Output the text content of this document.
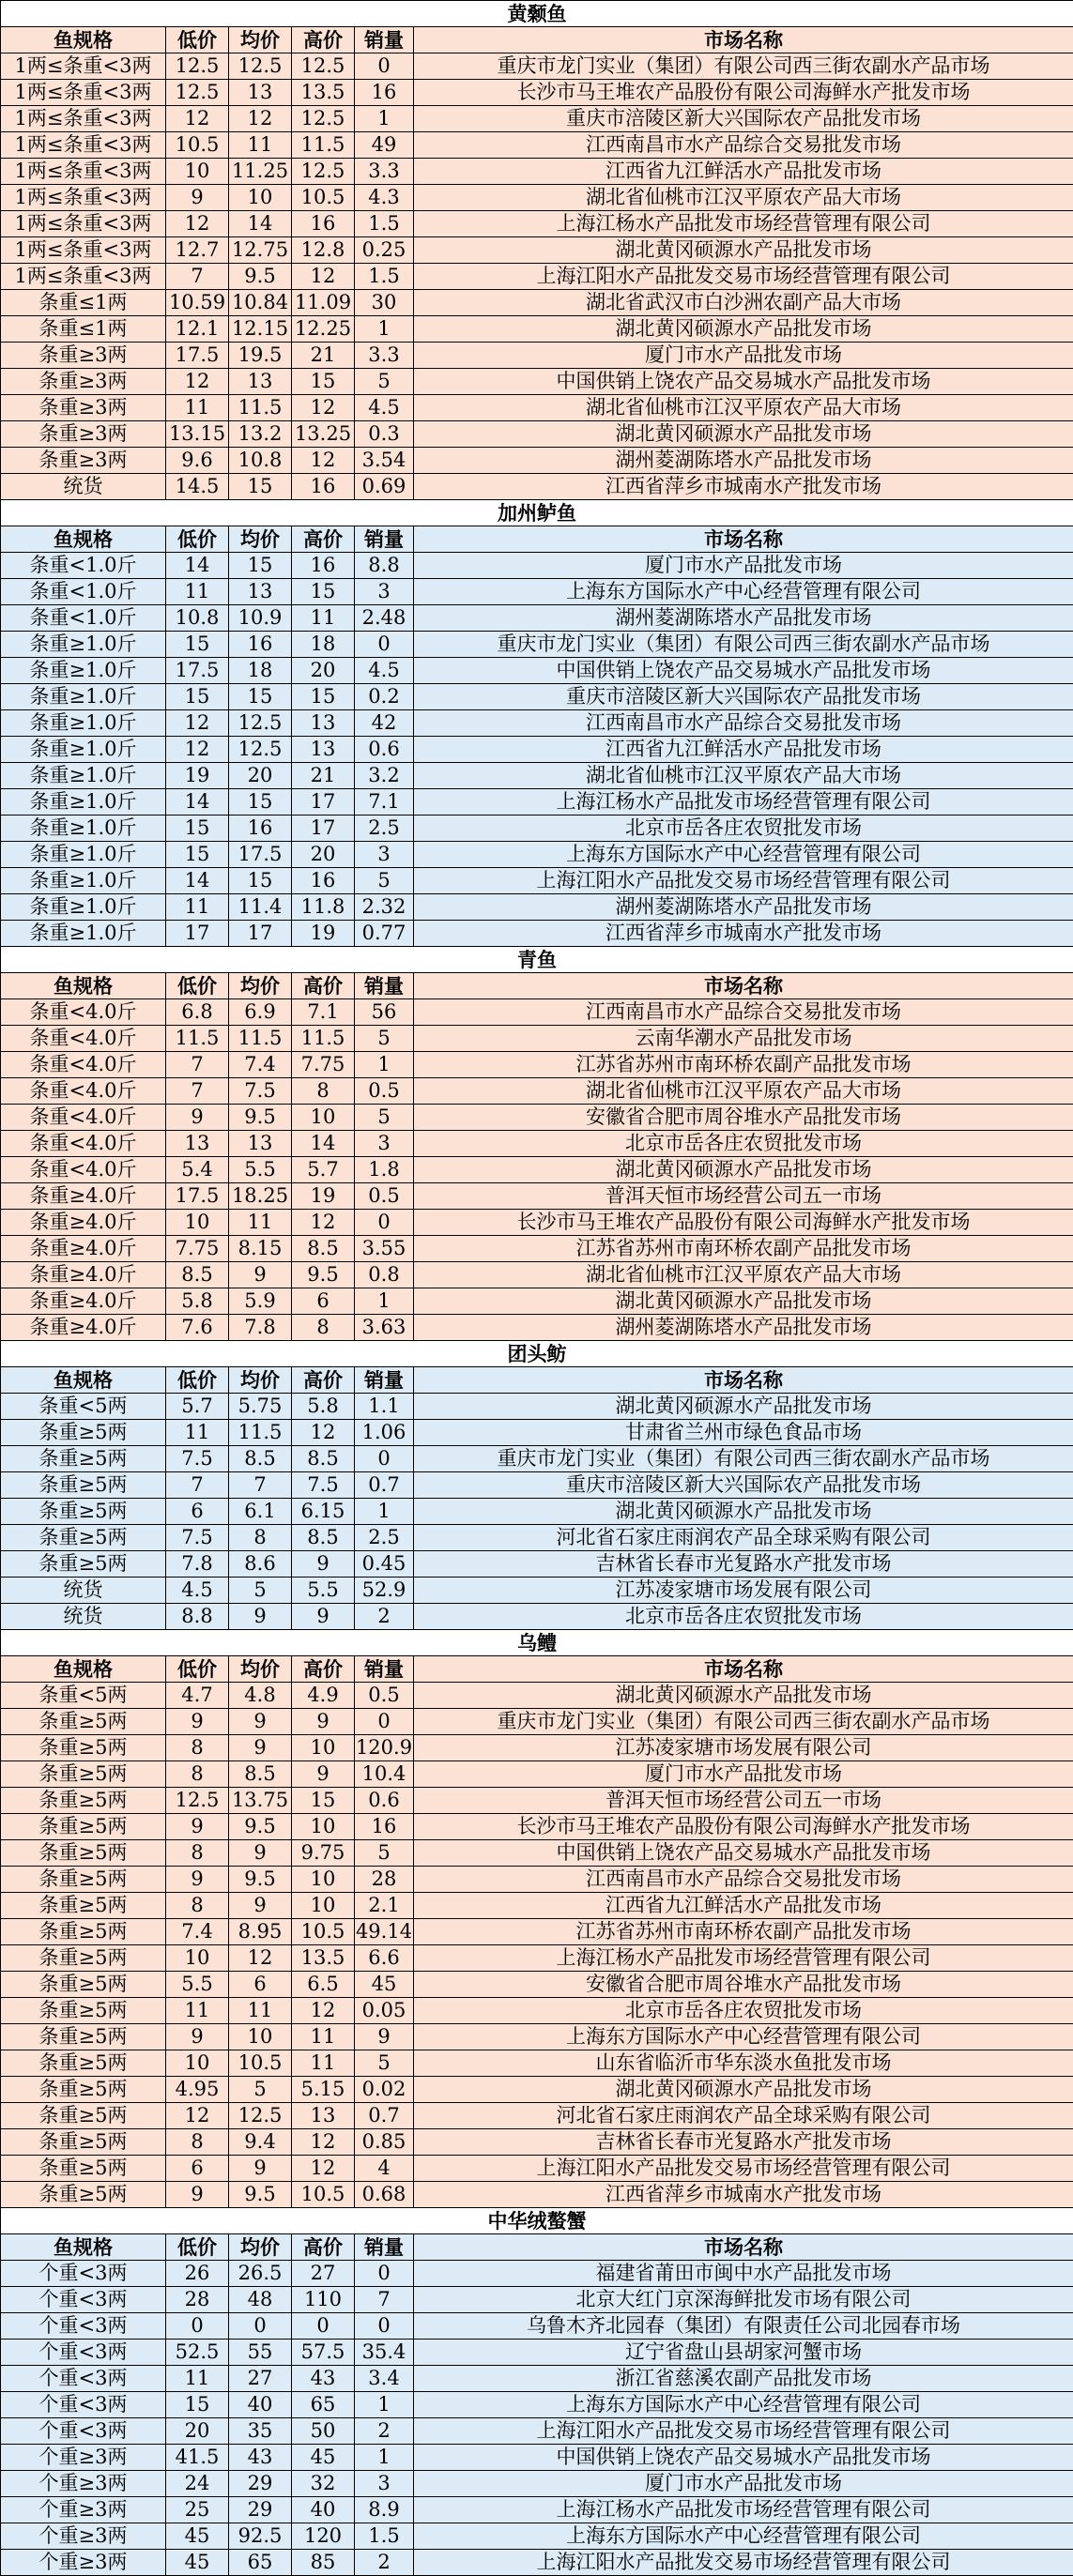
黄颡鱼					
鱼规格	低价	均价	高价	销量	市场名称
1两≤条重<3两	12.5	12.5	12.5	0	重庆市龙门实业（集团）有限公司西三街农副水产品市场
1两≤条重<3两	12.5	13	13.5	16	长沙市马王堆农产品股份有限公司海鲜水产批发市场
1两≤条重<3两	12	12	12.5	1	重庆市涪陵区新大兴国际农产品批发市场
1两≤条重<3两	10.5	11	11.5	49	江西南昌市水产品综合交易批发市场
1两≤条重<3两	10	11.25	12.5	3.3	江西省九江鲜活水产品批发市场
1两≤条重<3两	9	10	10.5	4.3	湖北省仙桃市江汉平原农产品大市场
1两≤条重<3两	12	14	16	1.5	上海江杨水产品批发市场经营管理有限公司
1两≤条重<3两	12.7	12.75	12.8	0.25	湖北黄冈硕源水产品批发市场
1两≤条重<3两	7	9.5	12	1.5	上海江阳水产品批发交易市场经营管理有限公司
条重≤1两	10.59	10.84	11.09	30	湖北省武汉市白沙洲农副产品大市场
条重≤1两	12.1	12.15	12.25	1	湖北黄冈硕源水产品批发市场
条重≥3两	17.5	19.5	21	3.3	厦门市水产品批发市场
条重≥3两	12	13	15	5	中国供销上饶农产品交易城水产品批发市场
条重≥3两	11	11.5	12	4.5	湖北省仙桃市江汉平原农产品大市场
条重≥3两	13.15	13.2	13.25	0.3	湖北黄冈硕源水产品批发市场
条重≥3两	9.6	10.8	12	3.54	湖州菱湖陈塔水产品批发市场
统货	14.5	15	16	0.69	江西省萍乡市城南水产批发市场
加州鲈鱼					
鱼规格	低价	均价	高价	销量	市场名称
条重<1.0斤	14	15	16	8.8	厦门市水产品批发市场
条重<1.0斤	11	13	15	3	上海东方国际水产中心经营管理有限公司
条重<1.0斤	10.8	10.9	11	2.48	湖州菱湖陈塔水产品批发市场
条重≥1.0斤	15	16	18	0	重庆市龙门实业（集团）有限公司西三街农副水产品市场
条重≥1.0斤	17.5	18	20	4.5	中国供销上饶农产品交易城水产品批发市场
条重≥1.0斤	15	15	15	0.2	重庆市涪陵区新大兴国际农产品批发市场
条重≥1.0斤	12	12.5	13	42	江西南昌市水产品综合交易批发市场
条重≥1.0斤	12	12.5	13	0.6	江西省九江鲜活水产品批发市场
条重≥1.0斤	19	20	21	3.2	湖北省仙桃市江汉平原农产品大市场
条重≥1.0斤	14	15	17	7.1	上海江杨水产品批发市场经营管理有限公司
条重≥1.0斤	15	16	17	2.5	北京市岳各庄农贸批发市场
条重≥1.0斤	15	17.5	20	3	上海东方国际水产中心经营管理有限公司
条重≥1.0斤	14	15	16	5	上海江阳水产品批发交易市场经营管理有限公司
条重≥1.0斤	11	11.4	11.8	2.32	湖州菱湖陈塔水产品批发市场
条重≥1.0斤	17	17	19	0.77	江西省萍乡市城南水产批发市场
青鱼					
鱼规格	低价	均价	高价	销量	市场名称
条重<4.0斤	6.8	6.9	7.1	56	江西南昌市水产品综合交易批发市场
条重<4.0斤	11.5	11.5	11.5	5	云南华潮水产品批发市场
条重<4.0斤	7	7.4	7.75	1	江苏省苏州市南环桥农副产品批发市场
条重<4.0斤	7	7.5	8	0.5	湖北省仙桃市江汉平原农产品大市场
条重<4.0斤	9	9.5	10	5	安徽省合肥市周谷堆水产品批发市场
条重<4.0斤	13	13	14	3	北京市岳各庄农贸批发市场
条重<4.0斤	5.4	5.5	5.7	1.8	湖北黄冈硕源水产品批发市场
条重≥4.0斤	17.5	18.25	19	0.5	普洱天恒市场经营公司五一市场
条重≥4.0斤	10	11	12	0	长沙市马王堆农产品股份有限公司海鲜水产批发市场
条重≥4.0斤	7.75	8.15	8.5	3.55	江苏省苏州市南环桥农副产品批发市场
条重≥4.0斤	8.5	9	9.5	0.8	湖北省仙桃市江汉平原农产品大市场
条重≥4.0斤	5.8	5.9	6	1	湖北黄冈硕源水产品批发市场
条重≥4.0斤	7.6	7.8	8	3.63	湖州菱湖陈塔水产品批发市场
团头鲂					
鱼规格	低价	均价	高价	销量	市场名称
条重<5两	5.7	5.75	5.8	1.1	湖北黄冈硕源水产品批发市场
条重≥5两	11	11.5	12	1.06	甘肃省兰州市绿色食品市场
条重≥5两	7.5	8.5	8.5	0	重庆市龙门实业（集团）有限公司西三街农副水产品市场
条重≥5两	7	7	7.5	0.7	重庆市涪陵区新大兴国际农产品批发市场
条重≥5两	6	6.1	6.15	1	湖北黄冈硕源水产品批发市场
条重≥5两	7.5	8	8.5	2.5	河北省石家庄雨润农产品全球采购有限公司
条重≥5两	7.8	8.6	9	0.45	吉林省长春市光复路水产批发市场
统货	4.5	5	5.5	52.9	江苏凌家塘市场发展有限公司
统货	8.8	9	9	2	北京市岳各庄农贸批发市场
乌鳢					
鱼规格	低价	均价	高价	销量	市场名称
条重<5两	4.7	4.8	4.9	0.5	湖北黄冈硕源水产品批发市场
条重≥5两	9	9	9	0	重庆市龙门实业（集团）有限公司西三街农副水产品市场
条重≥5两	8	9	10	120.9	江苏凌家塘市场发展有限公司
条重≥5两	8	8.5	9	10.4	厦门市水产品批发市场
条重≥5两	12.5	13.75	15	0.6	普洱天恒市场经营公司五一市场
条重≥5两	9	9.5	10	16	长沙市马王堆农产品股份有限公司海鲜水产批发市场
条重≥5两	8	9	9.75	5	中国供销上饶农产品交易城水产品批发市场
条重≥5两	9	9.5	10	28	江西南昌市水产品综合交易批发市场
条重≥5两	8	9	10	2.1	江西省九江鲜活水产品批发市场
条重≥5两	7.4	8.95	10.5	49.14	江苏省苏州市南环桥农副产品批发市场
条重≥5两	10	12	13.5	6.6	上海江杨水产品批发市场经营管理有限公司
条重≥5两	5.5	6	6.5	45	安徽省合肥市周谷堆水产品批发市场
条重≥5两	11	11	12	0.05	北京市岳各庄农贸批发市场
条重≥5两	9	10	11	9	上海东方国际水产中心经营管理有限公司
条重≥5两	10	10.5	11	5	山东省临沂市华东淡水鱼批发市场
条重≥5两	4.95	5	5.15	0.02	湖北黄冈硕源水产品批发市场
条重≥5两	12	12.5	13	0.7	河北省石家庄雨润农产品全球采购有限公司
条重≥5两	8	9.4	12	0.85	吉林省长春市光复路水产批发市场
条重≥5两	6	9	12	4	上海江阳水产品批发交易市场经营管理有限公司
条重≥5两	9	9.5	10.5	0.68	江西省萍乡市城南水产批发市场
中华绒螯蟹					
鱼规格	低价	均价	高价	销量	市场名称
个重<3两	26	26.5	27	0	福建省莆田市闽中水产品批发市场
个重<3两	28	48	110	7	北京大红门京深海鲜批发市场有限公司
个重<3两	0	0	0	0	乌鲁木齐北园春（集团）有限责任公司北园春市场
个重<3两	52.5	55	57.5	35.4	辽宁省盘山县胡家河蟹市场
个重<3两	11	27	43	3.4	浙江省慈溪农副产品批发市场
个重<3两	15	40	65	1	上海东方国际水产中心经营管理有限公司
个重<3两	20	35	50	2	上海江阳水产品批发交易市场经营管理有限公司
个重≥3两	41.5	43	45	1	中国供销上饶农产品交易城水产品批发市场
个重≥3两	24	29	32	3	厦门市水产品批发市场
个重≥3两	25	29	40	8.9	上海江杨水产品批发市场经营管理有限公司
个重≥3两	45	92.5	120	1.5	上海东方国际水产中心经营管理有限公司
个重≥3两	45	65	85	2	上海江阳水产品批发交易市场经营管理有限公司
